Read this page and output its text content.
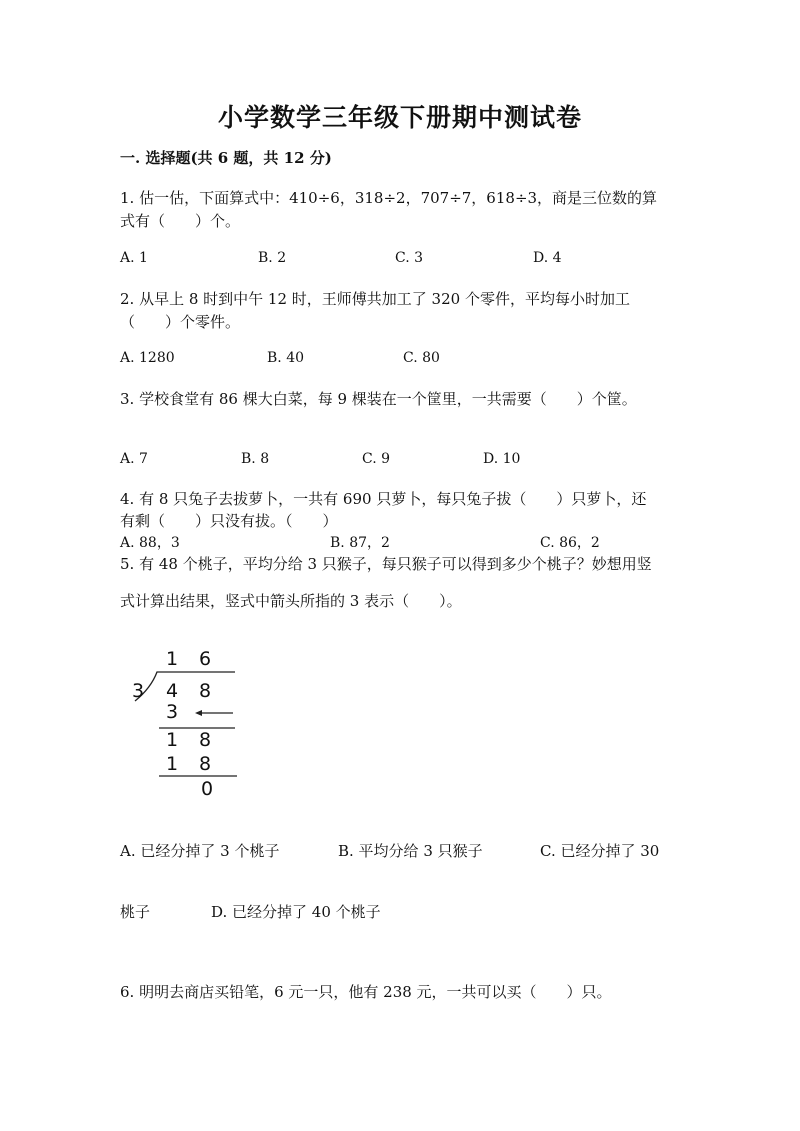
小学数学三年级下册期中测试卷
一. 选择题(共 6 题，共 12 分)
1. 估一估，下面算式中：410÷6，318÷2，707÷7，618÷3，商是三位数的算
式有（　　）个。
A. 1	B. 2	C. 3	D. 4
2. 从早上 8 时到中午 12 时，王师傅共加工了 320 个零件，平均每小时加工
（　　）个零件。
A. 1280	B. 40	C. 80
3. 学校食堂有 86 棵大白菜，每 9 棵装在一个筐里，一共需要（　　）个筐。
A. 7	B. 8	C. 9	D. 10
4. 有 8 只兔子去拔萝卜，一共有 690 只萝卜，每只兔子拔（　　）只萝卜，还
有剩（　　）只没有拔。（　　）
A. 88，3	B. 87，2	C. 86，2
5. 有 48 个桃子，平均分给 3 只猴子，每只猴子可以得到多少个桃子？妙想用竖
式计算出结果，竖式中箭头所指的 3 表示（　　）。
1 6
3 4 8
3
1 8
1 8
0
A. 已经分掉了 3 个桃子	B. 平均分给 3 只猴子	C. 已经分掉了 30
桃子	D. 已经分掉了 40 个桃子
6. 明明去商店买铅笔，6 元一只，他有 238 元，一共可以买（　　）只。
